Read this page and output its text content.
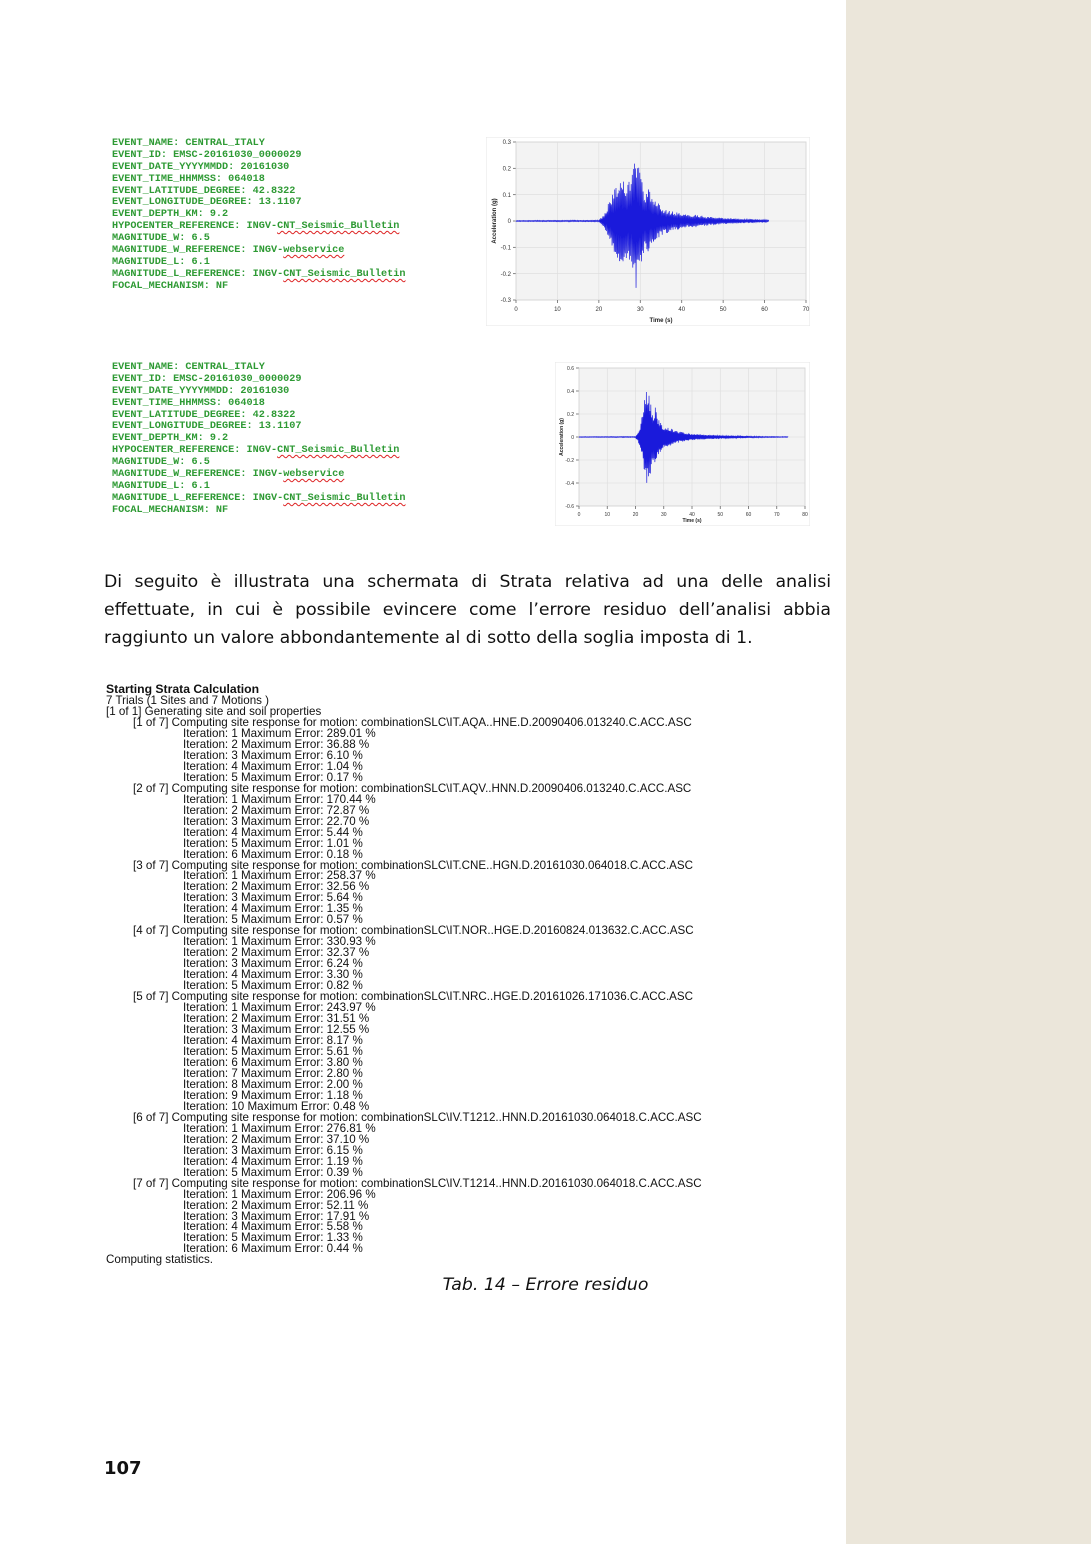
EVENT_NAME: CENTRAL_ITALY
EVENT_ID: EMSC-20161030_0000029
EVENT_DATE_YYYYMMDD: 20161030
EVENT_TIME_HHMMSS: 064018
EVENT_LATITUDE_DEGREE: 42.8322
EVENT_LONGITUDE_DEGREE: 13.1107
EVENT_DEPTH_KM: 9.2
HYPOCENTER_REFERENCE: INGV-CNT_Seismic_Bulletin
MAGNITUDE_W: 6.5
MAGNITUDE_W_REFERENCE: INGV-webservice
MAGNITUDE_L: 6.1
MAGNITUDE_L_REFERENCE: INGV-CNT_Seismic_Bulletin
FOCAL_MECHANISM: NF
0.3
0.2
0.1
0
-0.1
-0.2
-0.3
0	10	20	30	40	50	60	70
Time (s)
Acceleration (g)
EVENT_NAME: CENTRAL_ITALY
EVENT_ID: EMSC-20161030_0000029
EVENT_DATE_YYYYMMDD: 20161030
EVENT_TIME_HHMMSS: 064018
EVENT_LATITUDE_DEGREE: 42.8322
EVENT_LONGITUDE_DEGREE: 13.1107
EVENT_DEPTH_KM: 9.2
HYPOCENTER_REFERENCE: INGV-CNT_Seismic_Bulletin
MAGNITUDE_W: 6.5
MAGNITUDE_W_REFERENCE: INGV-webservice
MAGNITUDE_L: 6.1
MAGNITUDE_L_REFERENCE: INGV-CNT_Seismic_Bulletin
FOCAL_MECHANISM: NF
0.6
0.4
0.2
0
-0.2
-0.4
-0.6
0	10	20	30	40	50	60	70	80
Time (s)
Acceleration (g)
Di seguito è illustrata una schermata di Strata relativa ad una delle analisi effettuate, in cui è possibile evincere come l’errore residuo dell’analisi abbia raggiunto un valore abbondantemente al di sotto della soglia imposta di 1.
Starting Strata Calculation
7 Trials (1 Sites and 7 Motions )
[1 of 1] Generating site and soil properties
[1 of 7] Computing site response for motion: combinationSLC\IT.AQA..HNE.D.20090406.013240.C.ACC.ASC
Iteration: 1 Maximum Error: 289.01 %
Iteration: 2 Maximum Error: 36.88 %
Iteration: 3 Maximum Error: 6.10 %
Iteration: 4 Maximum Error: 1.04 %
Iteration: 5 Maximum Error: 0.17 %
[2 of 7] Computing site response for motion: combinationSLC\IT.AQV..HNN.D.20090406.013240.C.ACC.ASC
Iteration: 1 Maximum Error: 170.44 %
Iteration: 2 Maximum Error: 72.87 %
Iteration: 3 Maximum Error: 22.70 %
Iteration: 4 Maximum Error: 5.44 %
Iteration: 5 Maximum Error: 1.01 %
Iteration: 6 Maximum Error: 0.18 %
[3 of 7] Computing site response for motion: combinationSLC\IT.CNE..HGN.D.20161030.064018.C.ACC.ASC
Iteration: 1 Maximum Error: 258.37 %
Iteration: 2 Maximum Error: 32.56 %
Iteration: 3 Maximum Error: 5.64 %
Iteration: 4 Maximum Error: 1.35 %
Iteration: 5 Maximum Error: 0.57 %
[4 of 7] Computing site response for motion: combinationSLC\IT.NOR..HGE.D.20160824.013632.C.ACC.ASC
Iteration: 1 Maximum Error: 330.93 %
Iteration: 2 Maximum Error: 32.37 %
Iteration: 3 Maximum Error: 6.24 %
Iteration: 4 Maximum Error: 3.30 %
Iteration: 5 Maximum Error: 0.82 %
[5 of 7] Computing site response for motion: combinationSLC\IT.NRC..HGE.D.20161026.171036.C.ACC.ASC
Iteration: 1 Maximum Error: 243.97 %
Iteration: 2 Maximum Error: 31.51 %
Iteration: 3 Maximum Error: 12.55 %
Iteration: 4 Maximum Error: 8.17 %
Iteration: 5 Maximum Error: 5.61 %
Iteration: 6 Maximum Error: 3.80 %
Iteration: 7 Maximum Error: 2.80 %
Iteration: 8 Maximum Error: 2.00 %
Iteration: 9 Maximum Error: 1.18 %
Iteration: 10 Maximum Error: 0.48 %
[6 of 7] Computing site response for motion: combinationSLC\IV.T1212..HNN.D.20161030.064018.C.ACC.ASC
Iteration: 1 Maximum Error: 276.81 %
Iteration: 2 Maximum Error: 37.10 %
Iteration: 3 Maximum Error: 6.15 %
Iteration: 4 Maximum Error: 1.19 %
Iteration: 5 Maximum Error: 0.39 %
[7 of 7] Computing site response for motion: combinationSLC\IV.T1214..HNN.D.20161030.064018.C.ACC.ASC
Iteration: 1 Maximum Error: 206.96 %
Iteration: 2 Maximum Error: 52.11 %
Iteration: 3 Maximum Error: 17.91 %
Iteration: 4 Maximum Error: 5.58 %
Iteration: 5 Maximum Error: 1.33 %
Iteration: 6 Maximum Error: 0.44 %
Computing statistics.
Tab. 14 – Errore residuo
107
